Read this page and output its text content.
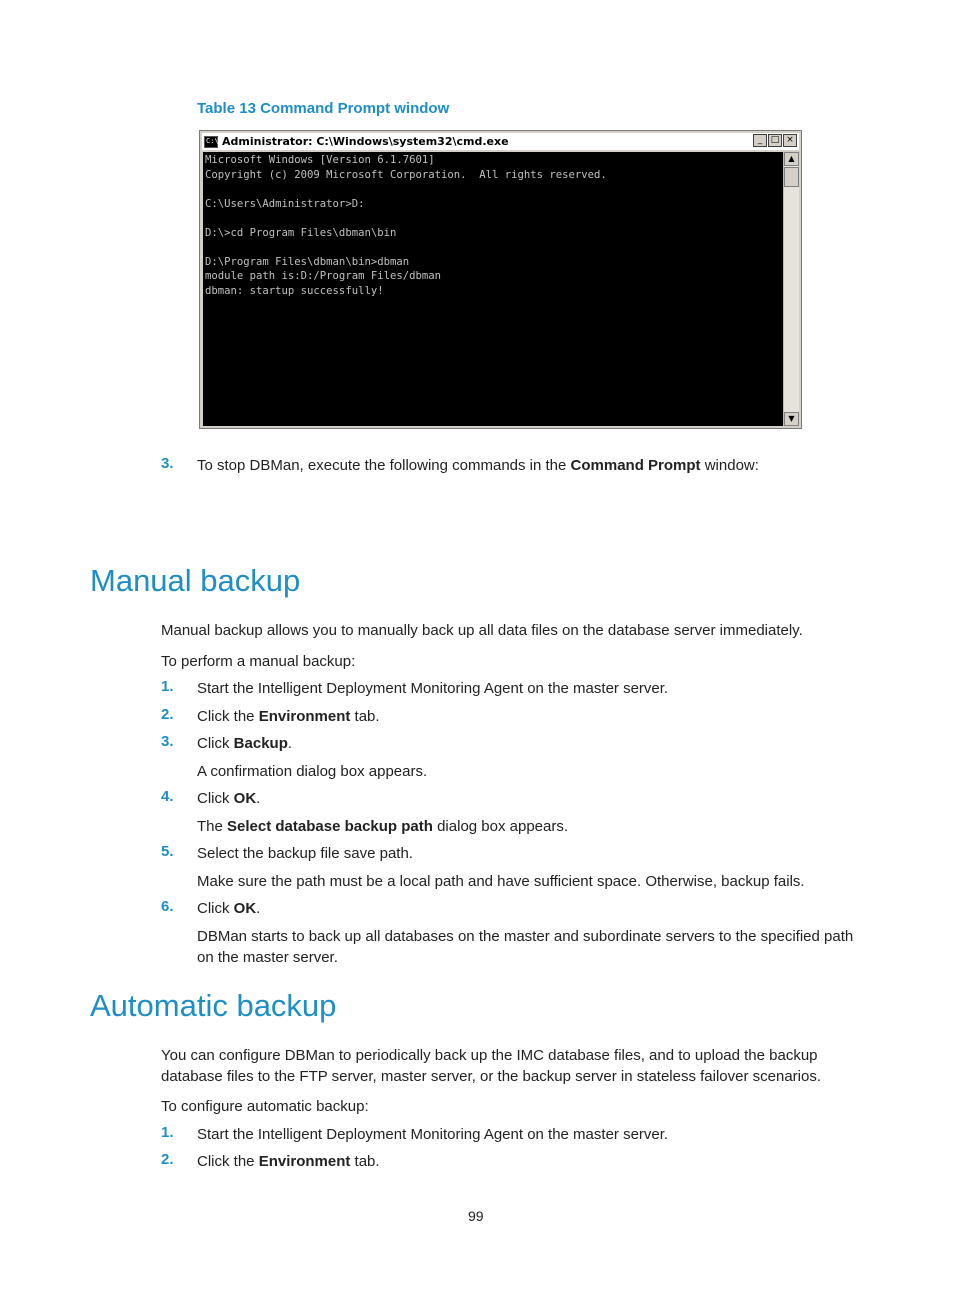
Table 13 Command Prompt window
C:\ Administrator: C:\Windows\system32\cmd.exe	_ □ ×
Microsoft Windows [Version 6.1.7601]
Copyright (c) 2009 Microsoft Corporation.  All rights reserved.

C:\Users\Administrator>D:

D:\>cd Program Files\dbman\bin

D:\Program Files\dbman\bin>dbman
module path is:D:/Program Files/dbman
dbman: startup successfully!
▲
▼
3. To stop DBMan, execute the following commands in the Command Prompt window:
Manual backup
Manual backup allows you to manually back up all data files on the database server immediately.
To perform a manual backup:
1. Start the Intelligent Deployment Monitoring Agent on the master server.
2. Click the Environment tab.
3. Click Backup.
A confirmation dialog box appears.
4. Click OK.
The Select database backup path dialog box appears.
5. Select the backup file save path.
Make sure the path must be a local path and have sufficient space. Otherwise, backup fails.
6. Click OK.
DBMan starts to back up all databases on the master and subordinate servers to the specified path
on the master server.
Automatic backup
You can configure DBMan to periodically back up the IMC database files, and to upload the backup
database files to the FTP server, master server, or the backup server in stateless failover scenarios.
To configure automatic backup:
1. Start the Intelligent Deployment Monitoring Agent on the master server.
2. Click the Environment tab.
99
